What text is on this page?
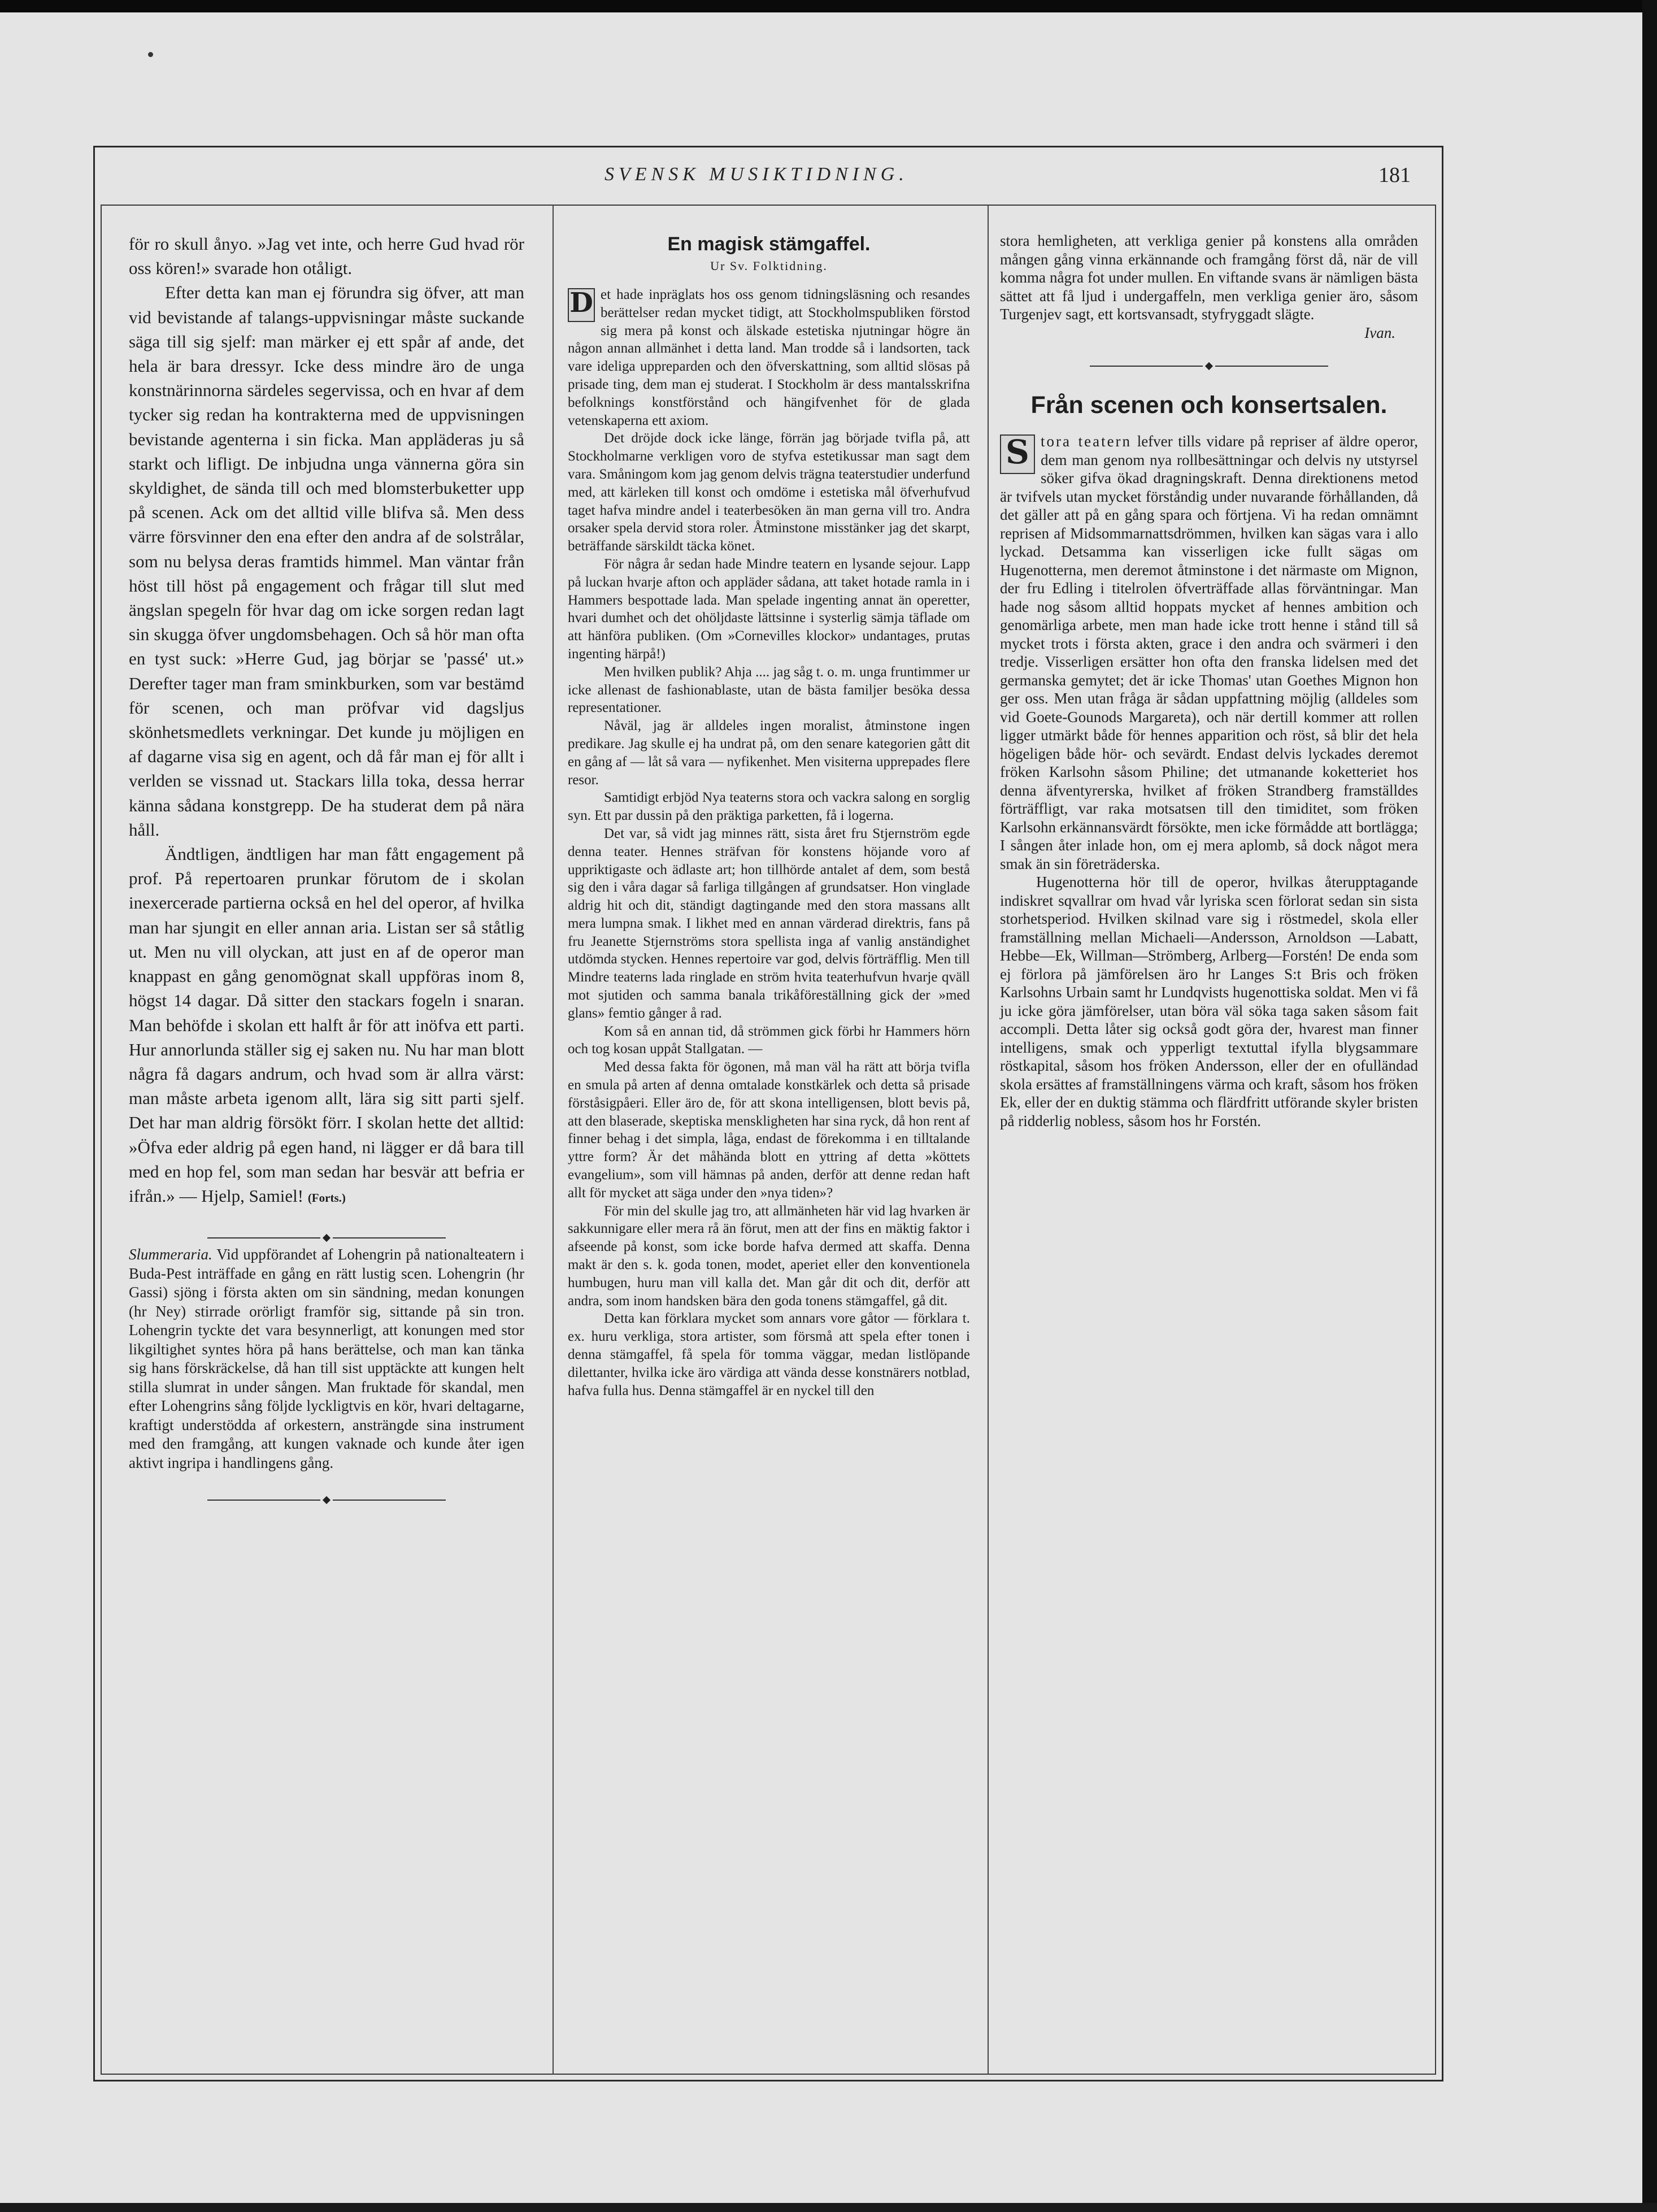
SVENSK MUSIKTIDNING.	181

för ro skull ånyo. »Jag vet inte, och herre Gud hvad rör oss kören!» svarade hon otåligt.

Efter detta kan man ej förundra sig öfver, att man vid bevistande af talangs-uppvisningar måste suckande säga till sig sjelf: man märker ej ett spår af ande, det hela är bara dressyr. Icke dess mindre äro de unga konstnärinnorna särdeles segervissa, och en hvar af dem tycker sig redan ha kontrakterna med de uppvisningen bevistande agenterna i sin ficka. Man appläderas ju så starkt och lifligt. De inbjudna unga vännerna göra sin skyldighet, de sända till och med blomsterbuketter upp på scenen. Ack om det alltid ville blifva så. Men dess värre försvinner den ena efter den andra af de solstrålar, som nu belysa deras framtids himmel. Man väntar från höst till höst på engagement och frågar till slut med ängslan spegeln för hvar dag om icke sorgen redan lagt sin skugga öfver ungdomsbehagen. Och så hör man ofta en tyst suck: »Herre Gud, jag börjar se 'passé' ut.» Derefter tager man fram sminkburken, som var bestämd för scenen, och man pröfvar vid dagsljus skönhetsmedlets verkningar. Det kunde ju möjligen en af dagarne visa sig en agent, och då får man ej för allt i verlden se vissnad ut. Stackars lilla toka, dessa herrar känna sådana konstgrepp. De ha studerat dem på nära håll.

Ändtligen, ändtligen har man fått engagement på prof. På repertoaren prunkar förutom de i skolan inexercerade partierna också en hel del operor, af hvilka man har sjungit en eller annan aria. Listan ser så ståtlig ut. Men nu vill olyckan, att just en af de operor man knappast en gång genomögnat skall uppföras inom 8, högst 14 dagar. Då sitter den stackars fogeln i snaran. Man behöfde i skolan ett halft år för att inöfva ett parti. Hur annorlunda ställer sig ej saken nu. Nu har man blott några få dagars andrum, och hvad som är allra värst: man måste arbeta igenom allt, lära sig sitt parti sjelf. Det har man aldrig försökt förr. I skolan hette det alltid: »Öfva eder aldrig på egen hand, ni lägger er då bara till med en hop fel, som man sedan har besvär att befria er ifrån.» — Hjelp, Samiel! (Forts.)

Slummeraria. Vid uppförandet af Lohengrin på nationalteatern i Buda-Pest inträffade en gång en rätt lustig scen. Lohengrin (hr Gassi) sjöng i första akten om sin sändning, medan konungen (hr Ney) stirrade orörligt framför sig, sittande på sin tron. Lohengrin tyckte det vara besynnerligt, att konungen med stor likgiltighet syntes höra på hans berättelse, och man kan tänka sig hans förskräckelse, då han till sist upptäckte att kungen helt stilla slumrat in under sången. Man fruktade för skandal, men efter Lohengrins sång följde lyckligtvis en kör, hvari deltagarne, kraftigt understödda af orkestern, ansträngde sina instrument med den framgång, att kungen vaknade och kunde åter igen aktivt ingripa i handlingens gång.

En magisk stämgaffel.

Ur Sv. Folktidning.

D et hade inpräglats hos oss genom tidningsläsning och resandes berättelser redan mycket tidigt, att Stockholmspubliken förstod sig mera på konst och älskade estetiska njutningar högre än någon annan allmänhet i detta land. Man trodde så i landsorten, tack vare ideliga uppreparden och den öfverskattning, som alltid slösas på prisade ting, dem man ej studerat. I Stockholm är dess mantalsskrifna befolknings konstförstånd och hängifvenhet för de glada vetenskaperna ett axiom.

Det dröjde dock icke länge, förrän jag började tvifla på, att Stockholmarne verkligen voro de styfva estetikussar man sagt dem vara. Småningom kom jag genom delvis trägna teaterstudier underfund med, att kärleken till konst och omdöme i estetiska mål öfverhufvud taget hafva mindre andel i teaterbesöken än man gerna vill tro. Andra orsaker spela dervid stora roler. Åtminstone misstänker jag det skarpt, beträffande särskildt täcka könet.

För några år sedan hade Mindre teatern en lysande sejour. Lapp på luckan hvarje afton och appläder sådana, att taket hotade ramla in i Hammers bespottade lada. Man spelade ingenting annat än operetter, hvari dumhet och det ohöljdaste lättsinne i systerlig sämja täflade om att hänföra publiken. (Om »Cornevilles klockor» undantages, prutas ingenting härpå!)

Men hvilken publik? Ahja .... jag såg t. o. m. unga fruntimmer ur icke allenast de fashionablaste, utan de bästa familjer besöka dessa representationer.

Nåväl, jag är alldeles ingen moralist, åtminstone ingen predikare. Jag skulle ej ha undrat på, om den senare kategorien gått dit en gång af — låt så vara — nyfikenhet. Men visiterna upprepades flere resor.

Samtidigt erbjöd Nya teaterns stora och vackra salong en sorglig syn. Ett par dussin på den präktiga parketten, få i logerna.

Det var, så vidt jag minnes rätt, sista året fru Stjernström egde denna teater. Hennes sträfvan för konstens höjande voro af uppriktigaste och ädlaste art; hon tillhörde antalet af dem, som bestå sig den i våra dagar så farliga tillgången af grundsatser. Hon vinglade aldrig hit och dit, ständigt dagtingande med den stora massans allt mera lumpna smak. I likhet med en annan värderad direktris, fans på fru Jeanette Stjernströms stora spellista inga af vanlig anständighet utdömda stycken. Hennes repertoire var god, delvis förträfflig. Men till Mindre teaterns lada ringlade en ström hvita teaterhufvun hvarje qväll mot sjutiden och samma banala trikåföreställning gick der »med glans» femtio gånger å rad.

Kom så en annan tid, då strömmen gick förbi hr Hammers hörn och tog kosan uppåt Stallgatan. —

Med dessa fakta för ögonen, må man väl ha rätt att börja tvifla en smula på arten af denna omtalade konstkärlek och detta så prisade förståsigpåeri. Eller äro de, för att skona intelligensen, blott bevis på, att den blaserade, skeptiska menskligheten har sina ryck, då hon rent af finner behag i det simpla, låga, endast de förekomma i en tilltalande yttre form? Är det måhända blott en yttring af detta »köttets evangelium», som vill hämnas på anden, derför att denne redan haft allt för mycket att säga under den »nya tiden»?

För min del skulle jag tro, att allmänheten här vid lag hvarken är sakkunnigare eller mera rå än förut, men att der fins en mäktig faktor i afseende på konst, som icke borde hafva dermed att skaffa. Denna makt är den s. k. goda tonen, modet, aperiet eller den konventionela humbugen, huru man vill kalla det. Man går dit och dit, derför att andra, som inom handsken bära den goda tonens stämgaffel, gå dit.

Detta kan förklara mycket som annars vore gåtor — förklara t. ex. huru verkliga, stora artister, som försmå att spela efter tonen i denna stämgaffel, få spela för tomma väggar, medan listlöpande dilettanter, hvilka icke äro värdiga att vända desse konstnärers notblad, hafva fulla hus. Denna stämgaffel är en nyckel till den

stora hemligheten, att verkliga genier på konstens alla områden mången gång vinna erkännande och framgång först då, när de vill komma några fot under mullen. En viftande svans är nämligen bästa sättet att få ljud i undergaffeln, men verkliga genier äro, såsom Turgenjev sagt, ett kortsvansadt, styfryggadt slägte.

Ivan.

Från scenen och konsertsalen.

S tora teatern lefver tills vidare på repriser af äldre operor, dem man genom nya rollbesättningar och delvis ny utstyrsel söker gifva ökad dragningskraft. Denna direktionens metod är tvifvels utan mycket förståndig under nuvarande förhållanden, då det gäller att på en gång spara och förtjena. Vi ha redan omnämnt reprisen af Midsommarnattsdrömmen, hvilken kan sägas vara i allo lyckad. Detsamma kan visserligen icke fullt sägas om Hugenotterna, men deremot åtminstone i det närmaste om Mignon, der fru Edling i titelrolen öfverträffade allas förväntningar. Man hade nog såsom alltid hoppats mycket af hennes ambition och genomärliga arbete, men man hade icke trott henne i stånd till så mycket trots i första akten, grace i den andra och svärmeri i den tredje. Visserligen ersätter hon ofta den franska lidelsen med det germanska gemytet; det är icke Thomas' utan Goethes Mignon hon ger oss. Men utan fråga är sådan uppfattning möjlig (alldeles som vid Goete-Gounods Margareta), och när dertill kommer att rollen ligger utmärkt både för hennes apparition och röst, så blir det hela högeligen både hör- och sevärdt. Endast delvis lyckades deremot fröken Karlsohn såsom Philine; det utmanande koketteriet hos denna äfventyrerska, hvilket af fröken Strandberg framställdes förträffligt, var raka motsatsen till den timiditet, som fröken Karlsohn erkännansvärdt försökte, men icke förmådde att bortlägga; I sången åter inlade hon, om ej mera aplomb, så dock något mera smak än sin företräderska.

Hugenotterna hör till de operor, hvilkas återupptagande indiskret sqvallrar om hvad vår lyriska scen förlorat sedan sin sista storhetsperiod. Hvilken skilnad vare sig i röstmedel, skola eller framställning mellan Michaeli—Andersson, Arnoldson —Labatt, Hebbe—Ek, Willman—Strömberg, Arlberg—Forstén! De enda som ej förlora på jämförelsen äro hr Langes S:t Bris och fröken Karlsohns Urbain samt hr Lundqvists hugenottiska soldat. Men vi få ju icke göra jämförelser, utan böra väl söka taga saken såsom fait accompli. Detta låter sig också godt göra der, hvarest man finner intelligens, smak och ypperligt textuttal ifylla blygsammare röstkapital, såsom hos fröken Andersson, eller der en ofulländad skola ersättes af framställningens värma och kraft, såsom hos fröken Ek, eller der en duktig stämma och flärdfritt utförande skyler bristen på ridderlig nobless, såsom hos hr Forstén.
